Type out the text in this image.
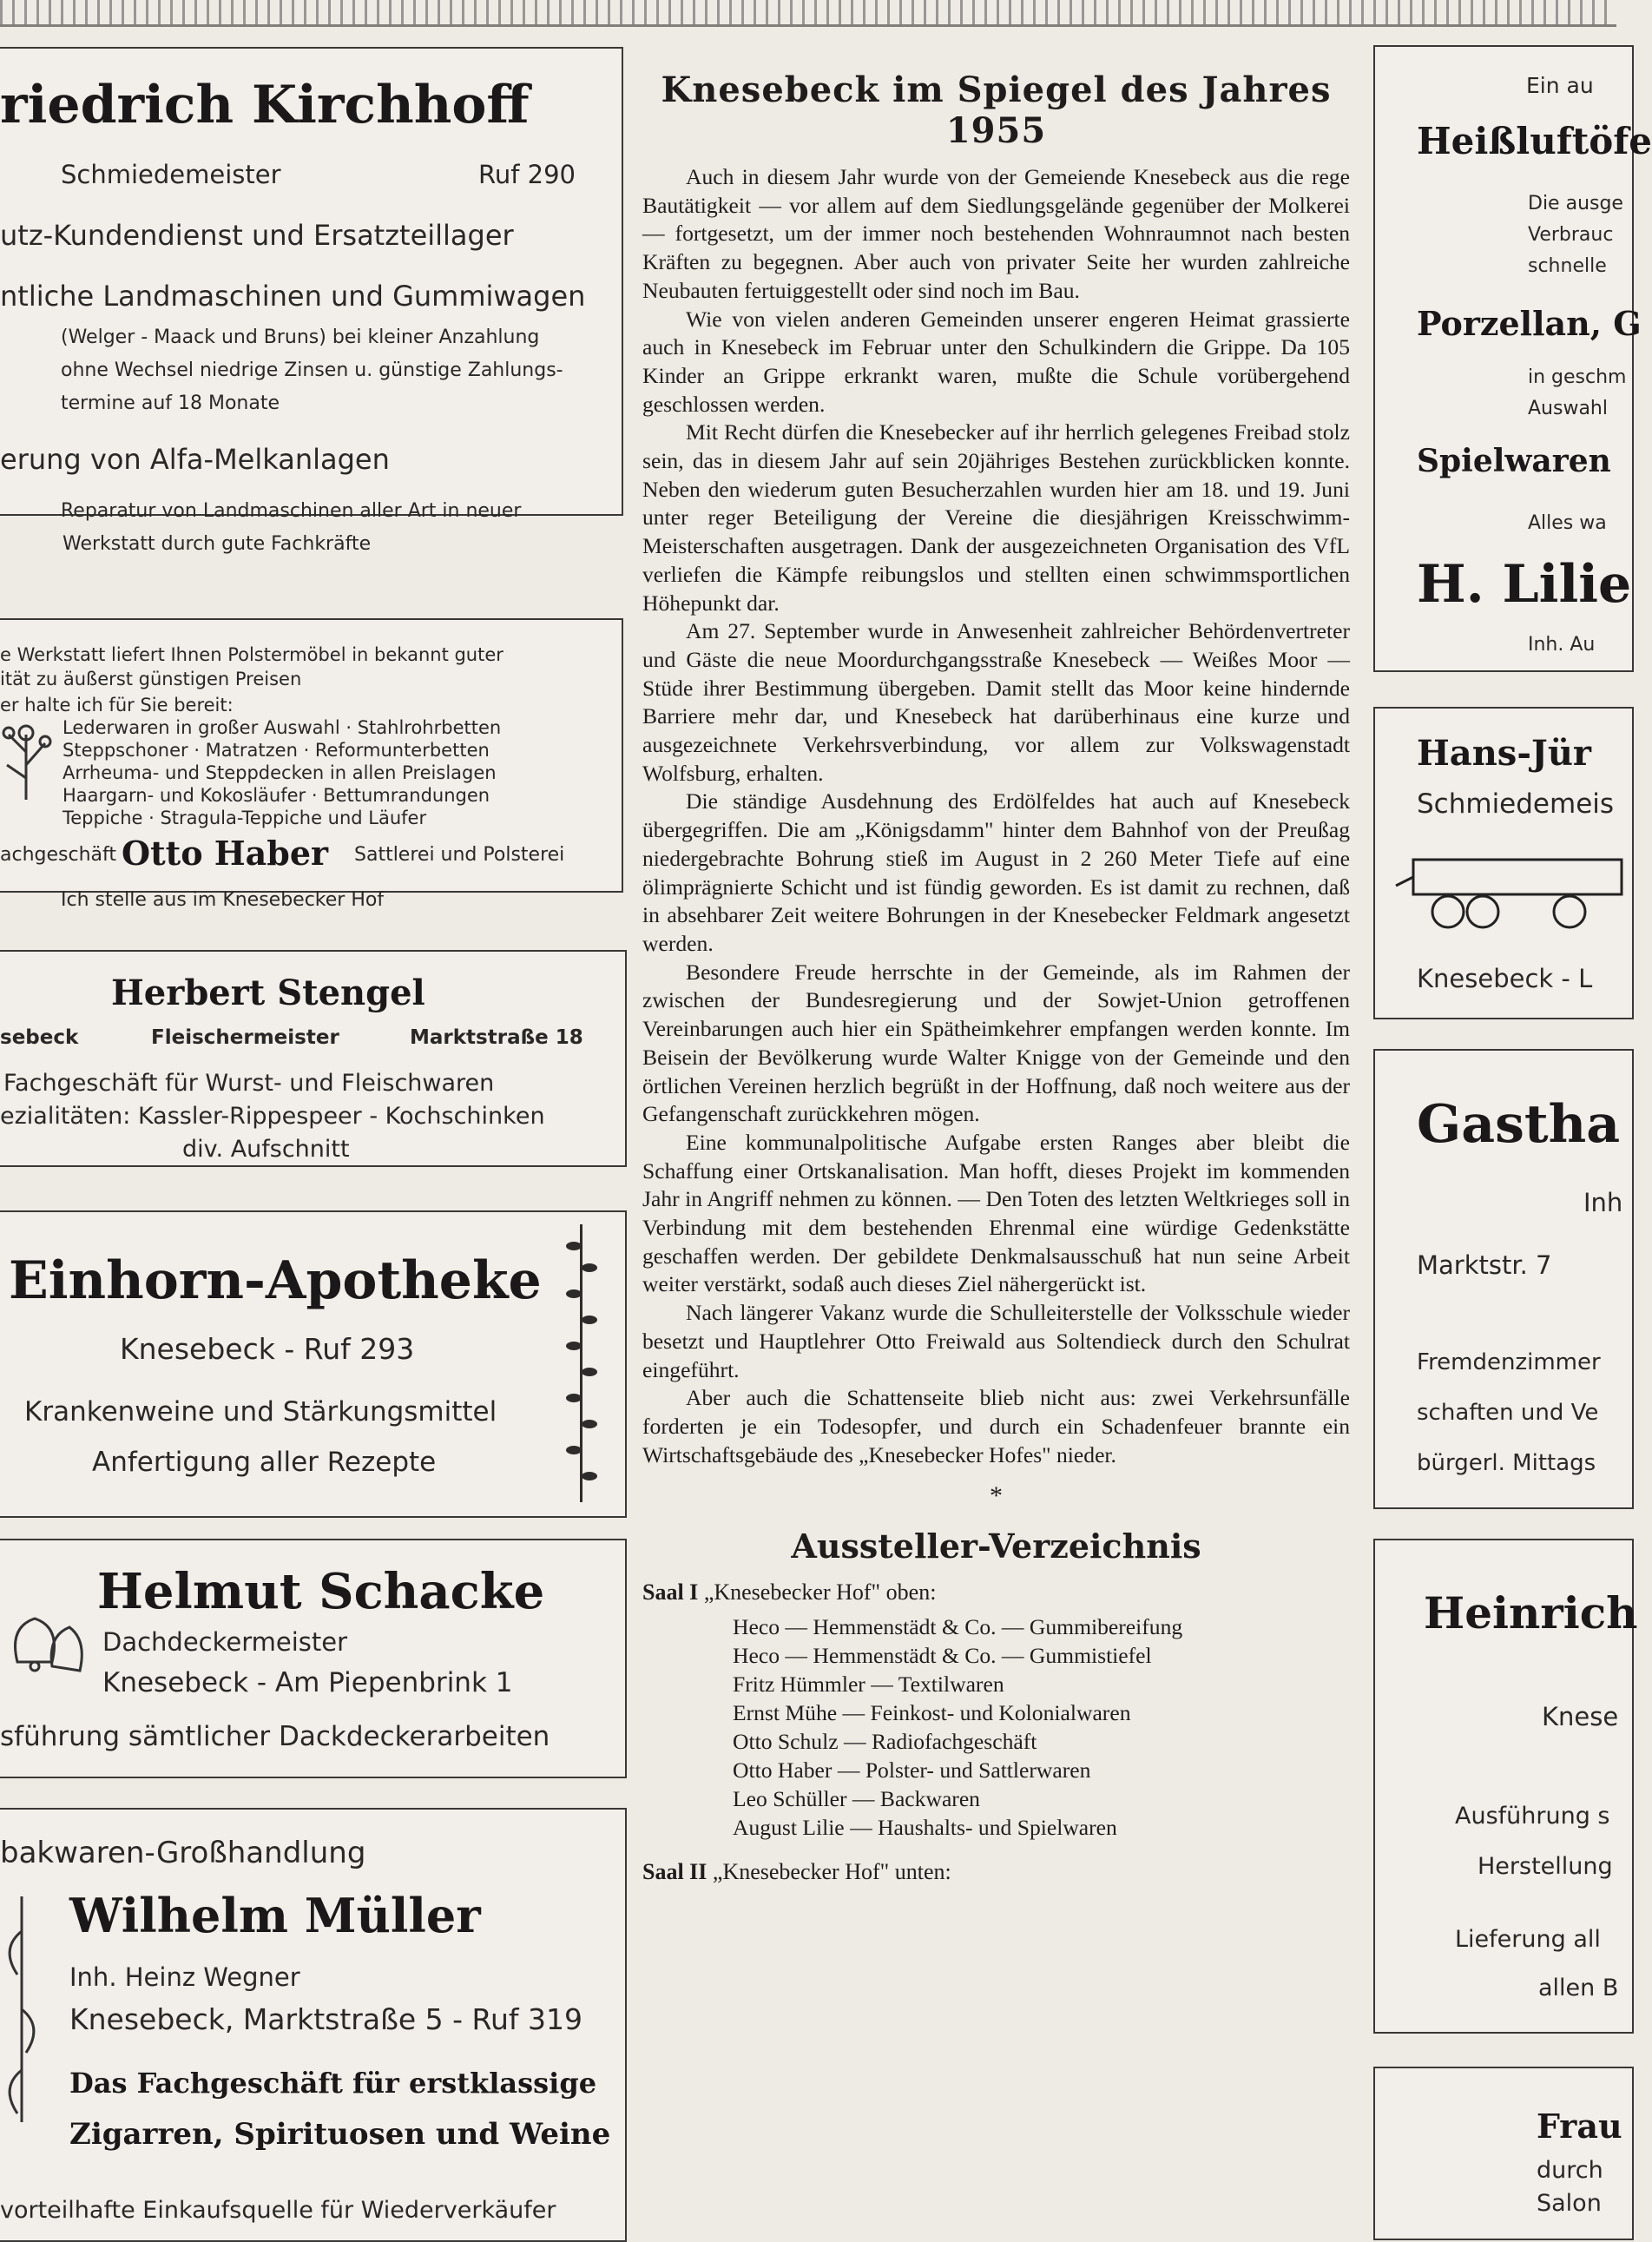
riedrich Kirchhoff
Schmiedemeister	Ruf 290
utz-Kundendienst und Ersatzteillager
ntliche Landmaschinen und Gummiwagen
(Welger - Maack und Bruns) bei kleiner Anzahlung
ohne Wechsel niedrige Zinsen u. günstige Zahlungs-
termine auf 18 Monate
erung von Alfa-Melkanlagen
Reparatur von Landmaschinen aller Art in neuer
Werkstatt durch gute Fachkräfte
e Werkstatt liefert Ihnen Polstermöbel in bekannt guter
ität zu äußerst günstigen Preisen
er halte ich für Sie bereit:
Lederwaren in großer Auswahl · Stahlrohrbetten
Steppschoner · Matratzen · Reformunterbetten
Arrheuma- und Steppdecken in allen Preislagen
Haargarn- und Kokosläufer · Bettumrandungen
Teppiche · Stragula-Teppiche und Läufer
achgeschäft Otto Haber Sattlerei und Polsterei
Ich stelle aus im Knesebecker Hof
Herbert Stengel
sebeck	Fleischermeister	Marktstraße 18
Fachgeschäft für Wurst- und Fleischwaren
ezialitäten: Kassler-Rippespeer - Kochschinken
div. Aufschnitt
Einhorn-Apotheke
Knesebeck - Ruf 293
Krankenweine und Stärkungsmittel
Anfertigung aller Rezepte
Helmut Schacke
Dachdeckermeister
Knesebeck - Am Piepenbrink 1
sführung sämtlicher Dackdeckerarbeiten
bakwaren-Großhandlung
Wilhelm Müller
Inh. Heinz Wegner
Knesebeck, Marktstraße 5 - Ruf 319
Das Fachgeschäft für erstklassige
Zigarren, Spirituosen und Weine
vorteilhafte Einkaufsquelle für Wiederverkäufer
Knesebeck im Spiegel des Jahres 1955

Auch in diesem Jahr wurde von der Gemeiende Knesebeck aus die rege Bautätigkeit — vor allem auf dem Siedlungsgelände gegenüber der Molkerei — fortgesetzt, um der immer noch bestehenden Wohnraumnot nach besten Kräften zu begegnen. Aber auch von privater Seite her wurden zahlreiche Neubauten fertuiggestellt oder sind noch im Bau.

Wie von vielen anderen Gemeinden unserer engeren Heimat grassierte auch in Knesebeck im Februar unter den Schulkindern die Grippe. Da 105 Kinder an Grippe erkrankt waren, mußte die Schule vorübergehend geschlossen werden.

Mit Recht dürfen die Knesebecker auf ihr herrlich gelegenes Freibad stolz sein, das in diesem Jahr auf sein 20jähriges Bestehen zurückblicken konnte. Neben den wiederum guten Besucherzahlen wurden hier am 18. und 19. Juni unter reger Beteiligung der Vereine die diesjährigen Kreisschwimm-Meisterschaften ausgetragen. Dank der ausgezeichneten Organisation des VfL verliefen die Kämpfe reibungslos und stellten einen schwimmsportlichen Höhepunkt dar.

Am 27. September wurde in Anwesenheit zahlreicher Behördenvertreter und Gäste die neue Moordurchgangsstraße Knesebeck — Weißes Moor — Stüde ihrer Bestimmung übergeben. Damit stellt das Moor keine hindernde Barriere mehr dar, und Knesebeck hat darüberhinaus eine kurze und ausgezeichnete Verkehrsverbindung, vor allem zur Volkswagenstadt Wolfsburg, erhalten.

Die ständige Ausdehnung des Erdölfeldes hat auch auf Knesebeck übergegriffen. Die am „Königsdamm" hinter dem Bahnhof von der Preußag niedergebrachte Bohrung stieß im August in 2 260 Meter Tiefe auf eine ölimprägnierte Schicht und ist fündig geworden. Es ist damit zu rechnen, daß in absehbarer Zeit weitere Bohrungen in der Knesebecker Feldmark angesetzt werden.

Besondere Freude herrschte in der Gemeinde, als im Rahmen der zwischen der Bundesregierung und der Sowjet-Union getroffenen Vereinbarungen auch hier ein Spätheimkehrer empfangen werden konnte. Im Beisein der Bevölkerung wurde Walter Knigge von der Gemeinde und den örtlichen Vereinen herzlich begrüßt in der Hoffnung, daß noch weitere aus der Gefangenschaft zurückkehren mögen.

Eine kommunalpolitische Aufgabe ersten Ranges aber bleibt die Schaffung einer Ortskanalisation. Man hofft, dieses Projekt im kommenden Jahr in Angriff nehmen zu können. — Den Toten des letzten Weltkrieges soll in Verbindung mit dem bestehenden Ehrenmal eine würdige Gedenkstätte geschaffen werden. Der gebildete Denkmalsausschuß hat nun seine Arbeit weiter verstärkt, sodaß auch dieses Ziel nähergerückt ist.

Nach längerer Vakanz wurde die Schulleiterstelle der Volksschule wieder besetzt und Hauptlehrer Otto Freiwald aus Soltendieck durch den Schulrat eingeführt.

Aber auch die Schattenseite blieb nicht aus: zwei Verkehrsunfälle forderten je ein Todesopfer, und durch ein Schadenfeuer brannte ein Wirtschaftsgebäude des „Knesebecker Hofes" nieder.

*
Aussteller-Verzeichnis
Saal I „Knesebecker Hof" oben:
Heco — Hemmenstädt & Co. — Gummibereifung
Heco — Hemmenstädt & Co. — Gummistiefel
Fritz Hümmler — Textilwaren
Ernst Mühe — Feinkost- und Kolonialwaren
Otto Schulz — Radiofachgeschäft
Otto Haber — Polster- und Sattlerwaren
Leo Schüller — Backwaren
August Lilie — Haushalts- und Spielwaren
Saal II „Knesebecker Hof" unten:
Ein au
Heißluftöfe
Die ausge
Verbrauc
schnelle
Porzellan, G
in geschm
Auswahl
Spielwaren
Alles wa
H. Lilie
Inh. Au
Hans-Jür
Schmiedemeis
Knesebeck - L
Gastha
Inh
Marktstr. 7
Fremdenzimmer
schaften und Ve
bürgerl. Mittags
Heinrich
Knese
Ausführung s
Herstellung
Lieferung all
allen B
Frau
durch
Salon
